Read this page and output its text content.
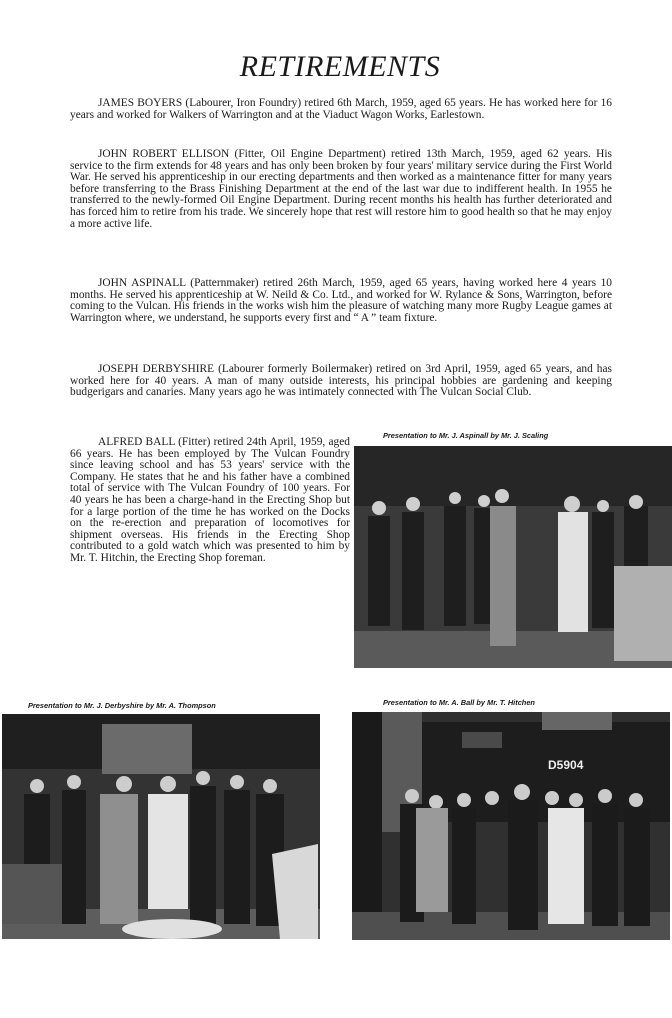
RETIREMENTS

JAMES BOYERS (Labourer, Iron Foundry) retired 6th March, 1959, aged 65 years. He has worked here for 16 years and worked for Walkers of Warrington and at the Viaduct Wagon Works, Earlestown.

JOHN ROBERT ELLISON (Fitter, Oil Engine Department) retired 13th March, 1959, aged 62 years. His service to the firm extends for 48 years and has only been broken by four years' military service during the First World War. He served his apprenticeship in our erecting departments and then worked as a maintenance fitter for many years before transferring to the Brass Finishing Department at the end of the last war due to indifferent health. In 1955 he transferred to the newly-formed Oil Engine Department. During recent months his health has further deteriorated and has forced him to retire from his trade. We sincerely hope that rest will restore him to good health so that he may enjoy a more active life.

JOHN ASPINALL (Patternmaker) retired 26th March, 1959, aged 65 years, having worked here 4 years 10 months. He served his apprenticeship at W. Neild & Co. Ltd., and worked for W. Rylance & Sons, Warrington, before coming to the Vulcan. His friends in the works wish him the pleasure of watching many more Rugby League games at Warrington where, we understand, he supports every first and “ A ” team fixture.

JOSEPH DERBYSHIRE (Labourer formerly Boilermaker) retired on 3rd April, 1959, aged 65 years, and has worked here for 40 years. A man of many outside interests, his principal hobbies are gardening and keeping budgerigars and canaries. Many years ago he was intimately connected with The Vulcan Social Club.

ALFRED BALL (Fitter) retired 24th April, 1959, aged 66 years. He has been employed by The Vulcan Foundry since leaving school and has 53 years' service with the Company. He states that he and his father have a combined total of service with The Vulcan Foundry of 100 years. For 40 years he has been a charge-hand in the Erecting Shop but for a large portion of the time he has worked on the Docks on the re-erection and preparation of locomotives for shipment overseas. His friends in the Erecting Shop contributed to a gold watch which was presented to him by Mr. T. Hitchin, the Erecting Shop foreman.

Presentation to Mr. J. Aspinall by Mr. J. Scaling
Presentation to Mr. J. Derbyshire by Mr. A. Thompson	Presentation to Mr. A. Ball by Mr. T. Hitchen
D5904
